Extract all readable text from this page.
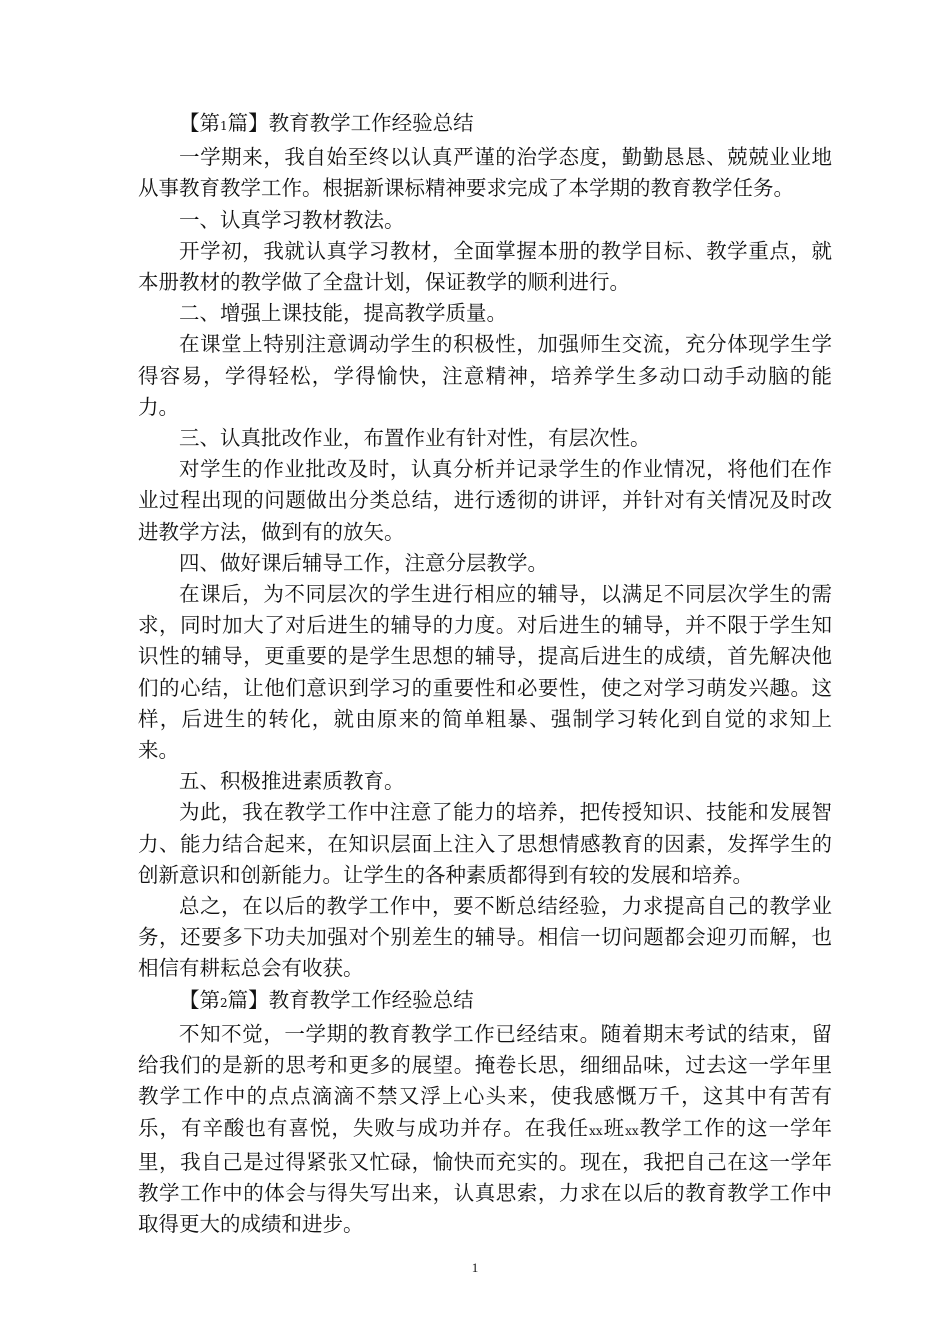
【第1篇】教育教学工作经验总结

一学期来，我自始至终以认真严谨的治学态度，勤勤恳恳、兢兢业业地从事教育教学工作。根据新课标精神要求完成了本学期的教育教学任务。

一、认真学习教材教法。

开学初，我就认真学习教材，全面掌握本册的教学目标、教学重点，就本册教材的教学做了全盘计划，保证教学的顺利进行。

二、增强上课技能，提高教学质量。

在课堂上特别注意调动学生的积极性，加强师生交流，充分体现学生学得容易，学得轻松，学得愉快，注意精神，培养学生多动口动手动脑的能力。

三、认真批改作业，布置作业有针对性，有层次性。

对学生的作业批改及时，认真分析并记录学生的作业情况，将他们在作业过程出现的问题做出分类总结，进行透彻的讲评，并针对有关情况及时改进教学方法，做到有的放矢。

四、做好课后辅导工作，注意分层教学。

在课后，为不同层次的学生进行相应的辅导，以满足不同层次学生的需求，同时加大了对后进生的辅导的力度。对后进生的辅导，并不限于学生知识性的辅导，更重要的是学生思想的辅导，提高后进生的成绩，首先解决他们的心结，让他们意识到学习的重要性和必要性，使之对学习萌发兴趣。这样，后进生的转化，就由原来的简单粗暴、强制学习转化到自觉的求知上来。

五、积极推进素质教育。

为此，我在教学工作中注意了能力的培养，把传授知识、技能和发展智力、能力结合起来，在知识层面上注入了思想情感教育的因素，发挥学生的创新意识和创新能力。让学生的各种素质都得到有较的发展和培养。

总之，在以后的教学工作中，要不断总结经验，力求提高自己的教学业务，还要多下功夫加强对个别差生的辅导。相信一切问题都会迎刃而解，也相信有耕耘总会有收获。

【第2篇】教育教学工作经验总结

不知不觉，一学期的教育教学工作已经结束。随着期末考试的结束，留给我们的是新的思考和更多的展望。掩卷长思，细细品味，过去这一学年里教学工作中的点点滴滴不禁又浮上心头来，使我感慨万千，这其中有苦有乐，有辛酸也有喜悦，失败与成功并存。在我任xx班xx教学工作的这一学年里，我自己是过得紧张又忙碌，愉快而充实的。现在，我把自己在这一学年教学工作中的体会与得失写出来，认真思索，力求在以后的教育教学工作中取得更大的成绩和进步。

1
